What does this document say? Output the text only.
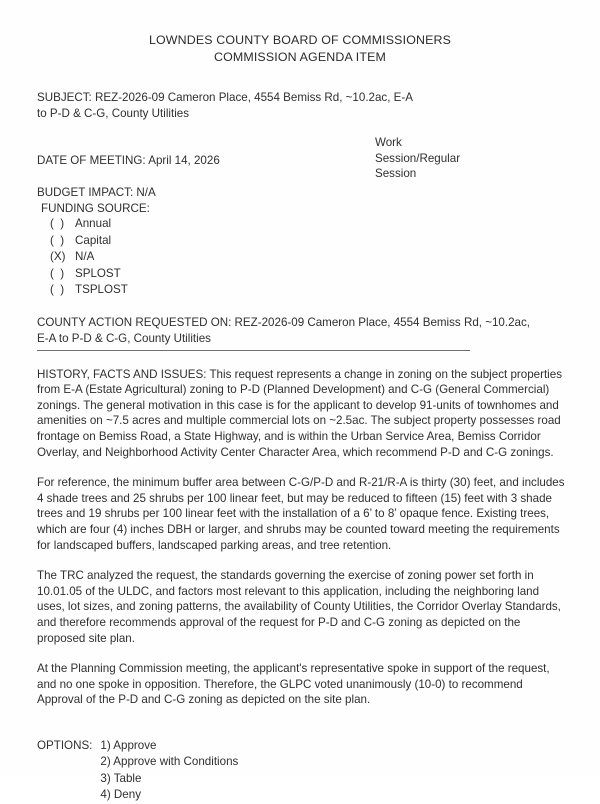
LOWNDES COUNTY BOARD OF COMMISSIONERS
COMMISSION AGENDA ITEM
SUBJECT: REZ-2026-09 Cameron Place, 4554 Bemiss Rd, ~10.2ac, E-A
to P-D & C-G, County Utilities
DATE OF MEETING: April 14, 2026
Work
Session/Regular
Session
BUDGET IMPACT: N/A
FUNDING SOURCE:
(  ) Annual
(  ) Capital
(X) N/A
(  ) SPLOST
(  ) TSPLOST
COUNTY ACTION REQUESTED ON: REZ-2026-09 Cameron Place, 4554 Bemiss Rd, ~10.2ac,
E-A to P-D & C-G, County Utilities

HISTORY, FACTS AND ISSUES: This request represents a change in zoning on the subject properties from E-A (Estate Agricultural) zoning to P-D (Planned Development) and C-G (General Commercial) zonings. The general motivation in this case is for the applicant to develop 91-units of townhomes and amenities on ~7.5 acres and multiple commercial lots on ~2.5ac. The subject property possesses road frontage on Bemiss Road, a State Highway, and is within the Urban Service Area, Bemiss Corridor Overlay, and Neighborhood Activity Center Character Area, which recommend P-D and C-G zonings.

For reference, the minimum buffer area between C-G/P-D and R-21/R-A is thirty (30) feet, and includes 4 shade trees and 25 shrubs per 100 linear feet, but may be reduced to fifteen (15) feet with 3 shade trees and 19 shrubs per 100 linear feet with the installation of a 6’ to 8’ opaque fence. Existing trees, which are four (4) inches DBH or larger, and shrubs may be counted toward meeting the requirements for landscaped buffers, landscaped parking areas, and tree retention.

The TRC analyzed the request, the standards governing the exercise of zoning power set forth in 10.01.05 of the ULDC, and factors most relevant to this application, including the neighboring land uses, lot sizes, and zoning patterns, the availability of County Utilities, the Corridor Overlay Standards, and therefore recommends approval of the request for P-D and C-G zoning as depicted on the proposed site plan.

At the Planning Commission meeting, the applicant's representative spoke in support of the request, and no one spoke in opposition. Therefore, the GLPC voted unanimously (10-0) to recommend Approval of the P-D and C-G zoning as depicted on the site plan.

OPTIONS: 1) Approve
2) Approve with Conditions
3) Table
4) Deny
